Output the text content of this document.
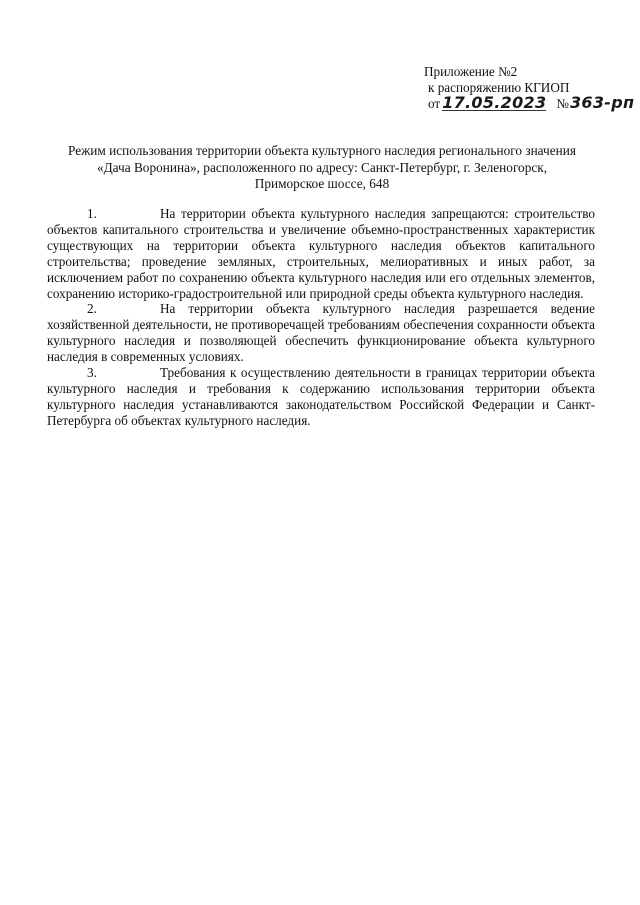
Приложение №2
к распоряжению КГИОП
от 17.05.2023 №363-рп
Режим использования территории объекта культурного наследия регионального значения
«Дача Воронина», расположенного по адресу: Санкт-Петербург, г. Зеленогорск,
Приморское шоссе, 648

1.	На территории объекта культурного наследия запрещаются: строительство объектов капитального строительства и увеличение объемно-пространственных характеристик существующих на территории объекта культурного наследия объектов капитального строительства; проведение земляных, строительных, мелиоративных и иных работ, за исключением работ по сохранению объекта культурного наследия или его отдельных элементов, сохранению историко-градостроительной или природной среды объекта культурного наследия.

2.	На территории объекта культурного наследия разрешается ведение хозяйственной деятельности, не противоречащей требованиям обеспечения сохранности объекта культурного наследия и позволяющей обеспечить функционирование объекта культурного наследия в современных условиях.

3.	Требования к осуществлению деятельности в границах территории объекта культурного наследия и требования к содержанию использования территории объекта культурного наследия устанавливаются законодательством Российской Федерации и Санкт-Петербурга об объектах культурного наследия.
